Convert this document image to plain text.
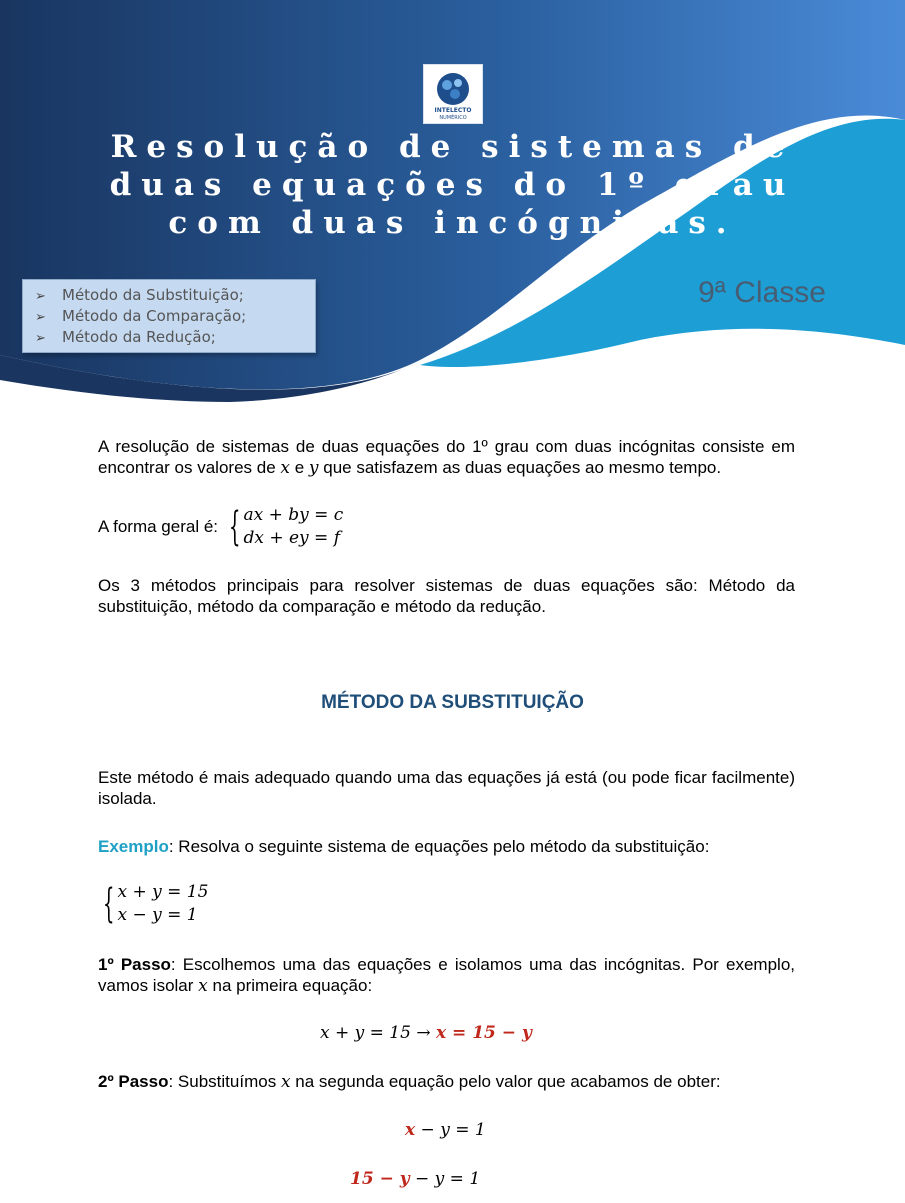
INTELECTO
NUMÉRICO
Resolução de sistemas de duas equações do 1º grau com duas incógnitas.
➢ Método da Substituição;
➢ Método da Comparação;
➢ Método da Redução;
9ª Classe

A resolução de sistemas de duas equações do 1º grau com duas incógnitas consiste em encontrar os valores de x e y que satisfazem as duas equações ao mesmo tempo.

A forma geral é: { ax + by = c
dx + ey = f

Os 3 métodos principais para resolver sistemas de duas equações são: Método da substituição, método da comparação e método da redução.

MÉTODO DA SUBSTITUIÇÃO

Este método é mais adequado quando uma das equações já está (ou pode ficar facilmente) isolada.

Exemplo: Resolva o seguinte sistema de equações pelo método da substituição:

{ x + y = 15
x − y = 1

1º Passo: Escolhemos uma das equações e isolamos uma das incógnitas. Por exemplo, vamos isolar x na primeira equação:

x + y = 15 → x = 15 − y

2º Passo: Substituímos x na segunda equação pelo valor que acabamos de obter:

x − y = 1
15 − y − y = 1
